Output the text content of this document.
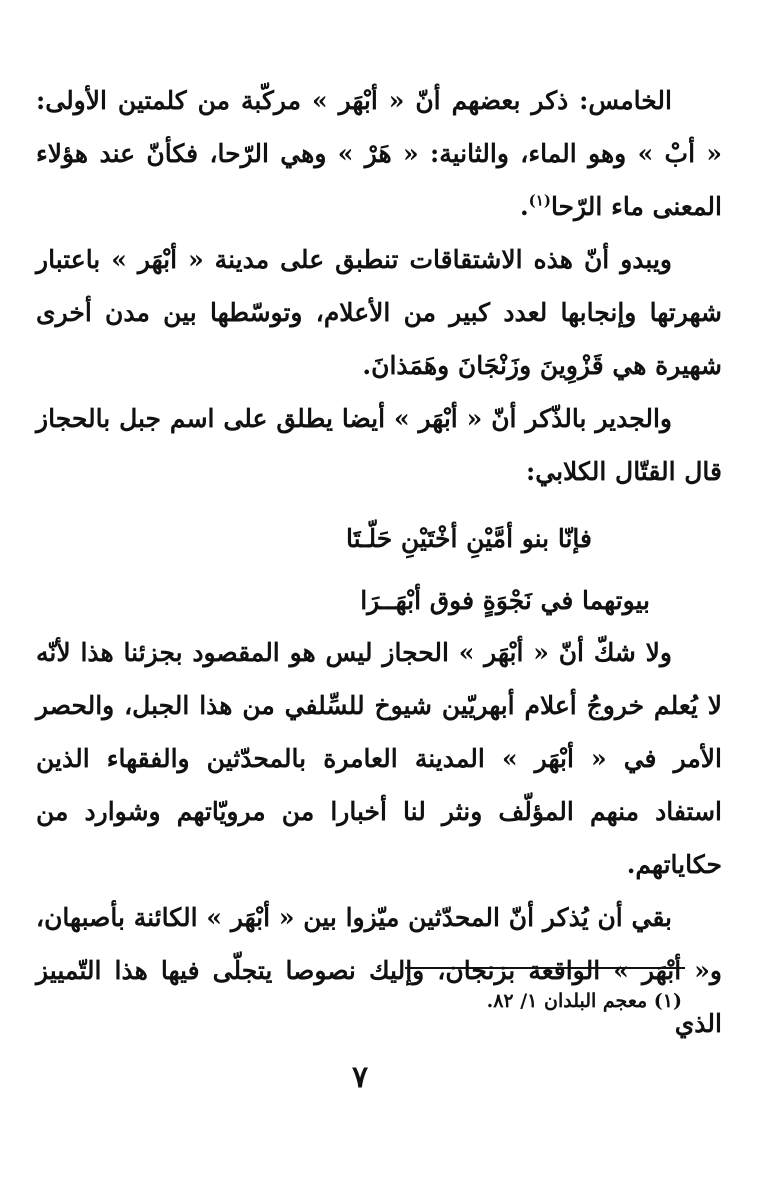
الخامس: ذكر بعضهم أنّ « أبْهَر » مركّبة من كلمتين الأولى: « أبْ » وهو الماء، والثانية: « هَرْ » وهي الرّحا، فكأنّ عند هؤلاء المعنى ماء الرّحا$^{(١)}$.

ويبدو أنّ هذه الاشتقاقات تنطبق على مدينة « أبْهَر » باعتبار شهرتها وإنجابها لعدد كبير من الأعلام، وتوسّطها بين مدن أخرى شهيرة هي قَزْوِينَ وزَنْجَانَ وهَمَذانَ.

والجدير بالذّكر أنّ « أبْهَر » أيضا يطلق على اسم جبل بالحجاز قال القتّال الكلابي:

فإنّا بنو أمَّيْنِ أخْتَيْنِ حَلّـتَا
بيوتهما في نَجْوَةٍ فوق أبْهَــرَا

ولا شكّ أنّ « أبْهَر » الحجاز ليس هو المقصود بجزئنا هذا لأنّه لا يُعلم خروجُ أعلام أبهريّين شيوخ للسِّلفي من هذا الجبل، والحصر الأمر في « أبْهَر » المدينة العامرة بالمحدّثين والفقهاء الذين استفاد منهم المؤلّف ونثر لنا أخبارا من مرويّاتهم وشوارد من حكاياتهم.

بقي أن يُذكر أنّ المحدّثين ميّزوا بين « أبْهَر » الكائنة بأصبهان، و« أبْهَر » الواقعة بزنجان، وإليك نصوصا يتجلّى فيها هذا التّمييز الذي

(١) معجم البلدان ١/ ٨٢.
٧
